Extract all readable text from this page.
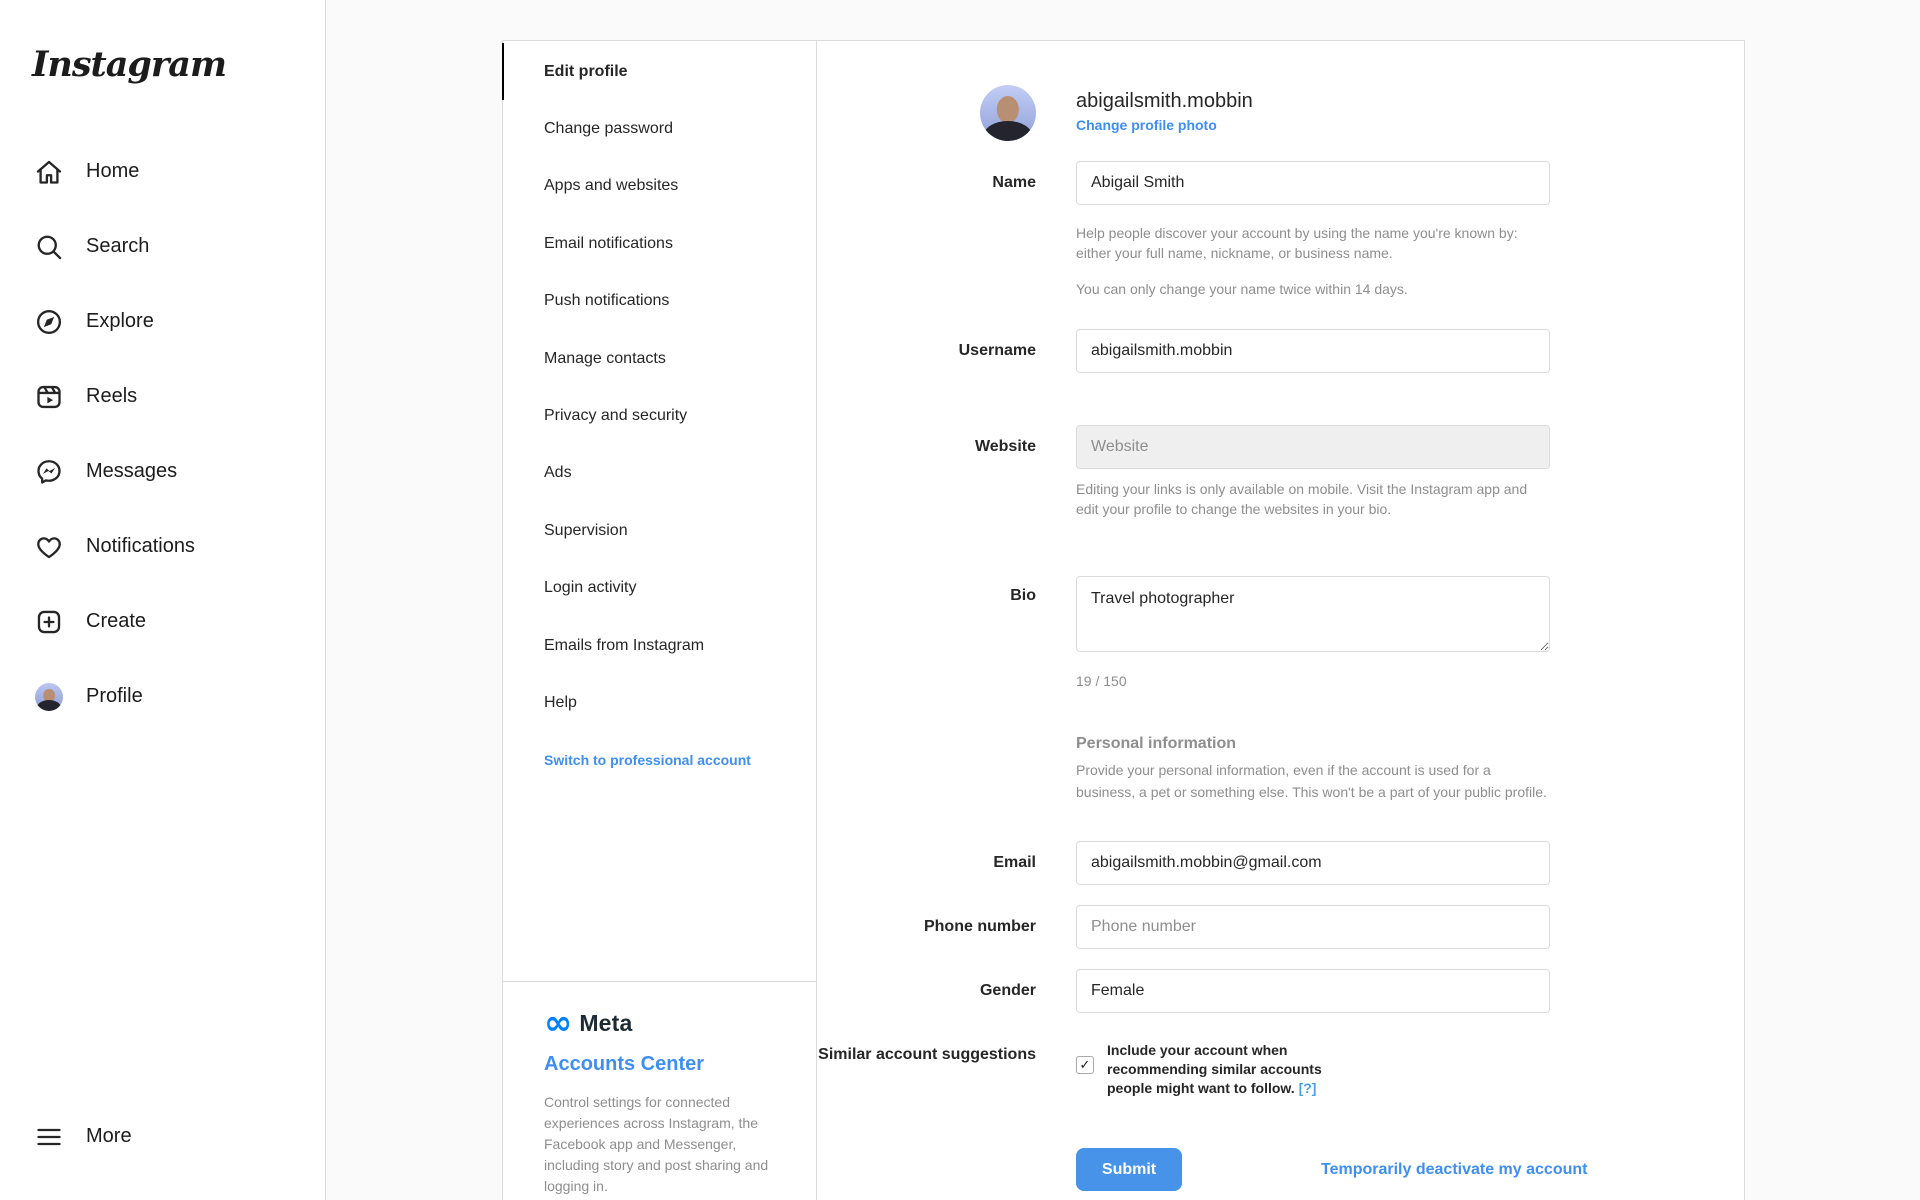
Instagram
Home
Search
Explore
Reels
Messages
Notifications
Create
Profile
More
Edit profile
Change password
Apps and websites
Email notifications
Push notifications
Manage contacts
Privacy and security
Ads
Supervision
Login activity
Emails from Instagram
Help
Switch to professional account
∞ Meta
Accounts Center
Control settings for connected experiences across Instagram, the Facebook app and Messenger, including story and post sharing and logging in.
abigailsmith.mobbin
Change profile photo
Name
Abigail Smith
Help people discover your account by using the name you're known by: either your full name, nickname, or business name.
You can only change your name twice within 14 days.
Username
abigailsmith.mobbin
Website
Website
Editing your links is only available on mobile. Visit the Instagram app and edit your profile to change the websites in your bio.
Bio
Travel photographer
19 / 150
Personal information
Provide your personal information, even if the account is used for a business, a pet or something else. This won't be a part of your public profile.
Email
abigailsmith.mobbin@gmail.com
Phone number
Phone number
Gender
Female
Similar account suggestions
✓
Include your account when recommending similar accounts people might want to follow. [?]
Submit	Temporarily deactivate my account
